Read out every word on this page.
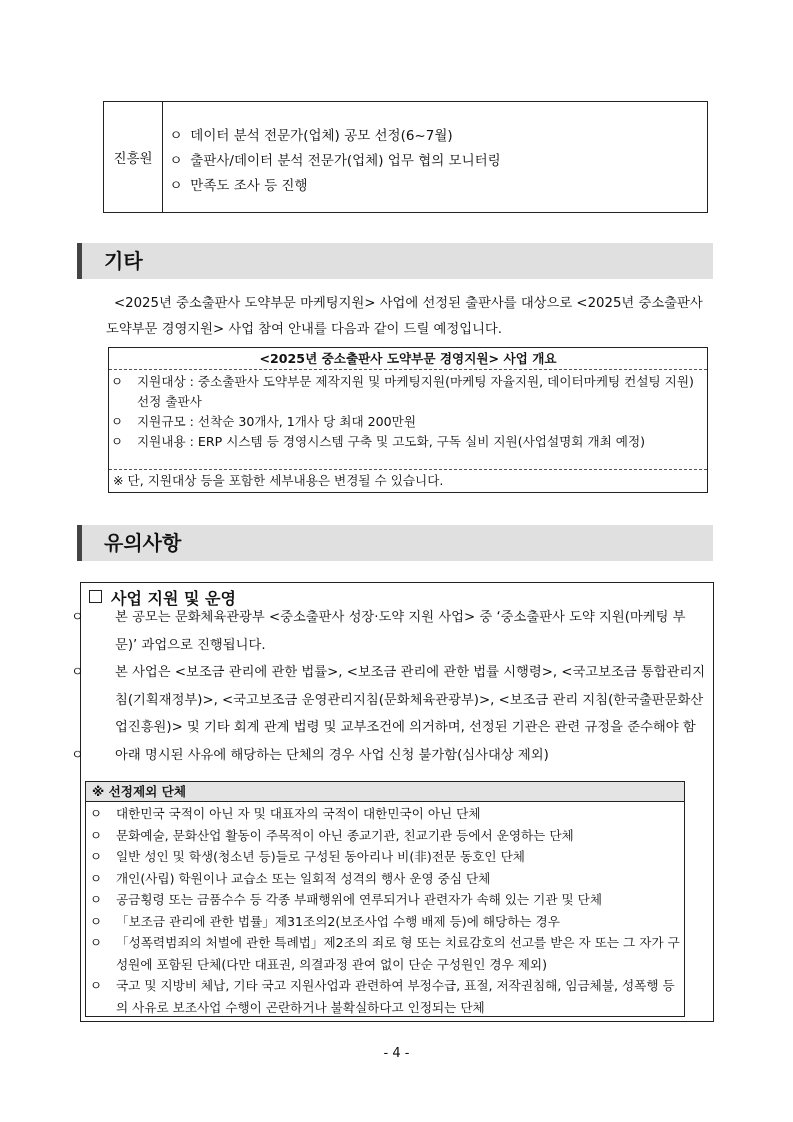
진흥원
ㅇ 데이터 분석 전문가(업체) 공모 선정(6~7월)
ㅇ 출판사/데이터 분석 전문가(업체) 업무 협의 모니터링
ㅇ 만족도 조사 등 진행
기타
<2025년 중소출판사 도약부문 마케팅지원> 사업에 선정된 출판사를 대상으로 <2025년 중소출판사 도약부문 경영지원> 사업 참여 안내를 다음과 같이 드릴 예정입니다.
<2025년 중소출판사 도약부문 경영지원> 사업 개요
ㅇ 지원대상 : 중소출판사 도약부문 제작지원 및 마케팅지원(마케팅 자율지원, 데이터마케팅 컨설팅 지원) 선정 출판사
ㅇ 지원규모 : 선착순 30개사, 1개사 당 최대 200만원
ㅇ 지원내용 : ERP 시스템 등 경영시스템 구축 및 고도화, 구독 실비 지원(사업설명회 개최 예정)
※ 단, 지원대상 등을 포함한 세부내용은 변경될 수 있습니다.
유의사항
사업 지원 및 운영
ㅇ 본 공모는 문화체육관광부 <중소출판사 성장·도약 지원 사업> 중 ‘중소출판사 도약 지원(마케팅 부문)’ 과업으로 진행됩니다.
ㅇ 본 사업은 <보조금 관리에 관한 법률>, <보조금 관리에 관한 법률 시행령>, <국고보조금 통합관리지침(기획재정부)>, <국고보조금 운영관리지침(문화체육관광부)>, <보조금 관리 지침(한국출판문화산업진흥원)> 및 기타 회계 관계 법령 및 교부조건에 의거하며, 선정된 기관은 관련 규정을 준수해야 함
ㅇ 아래 명시된 사유에 해당하는 단체의 경우 사업 신청 불가함(심사대상 제외)
※ 선정제외 단체
ㅇ 대한민국 국적이 아닌 자 및 대표자의 국적이 대한민국이 아닌 단체
ㅇ 문화예술, 문화산업 활동이 주목적이 아닌 종교기관, 친교기관 등에서 운영하는 단체
ㅇ 일반 성인 및 학생(청소년 등)들로 구성된 동아리나 비(非)전문 동호인 단체
ㅇ 개인(사립) 학원이나 교습소 또는 일회적 성격의 행사 운영 중심 단체
ㅇ 공금횡령 또는 금품수수 등 각종 부패행위에 연루되거나 관련자가 속해 있는 기관 및 단체
ㅇ 「보조금 관리에 관한 법률」제31조의2(보조사업 수행 배제 등)에 해당하는 경우
ㅇ 「성폭력범죄의 처벌에 관한 특례법」제2조의 죄로 형 또는 치료감호의 선고를 받은 자 또는 그 자가 구성원에 포함된 단체(다만 대표권, 의결과정 관여 없이 단순 구성원인 경우 제외)
ㅇ 국고 및 지방비 체납, 기타 국고 지원사업과 관련하여 부정수급, 표절, 저작권침해, 임금체불, 성폭행 등의 사유로 보조사업 수행이 곤란하거나 불확실하다고 인정되는 단체
- 4 -
